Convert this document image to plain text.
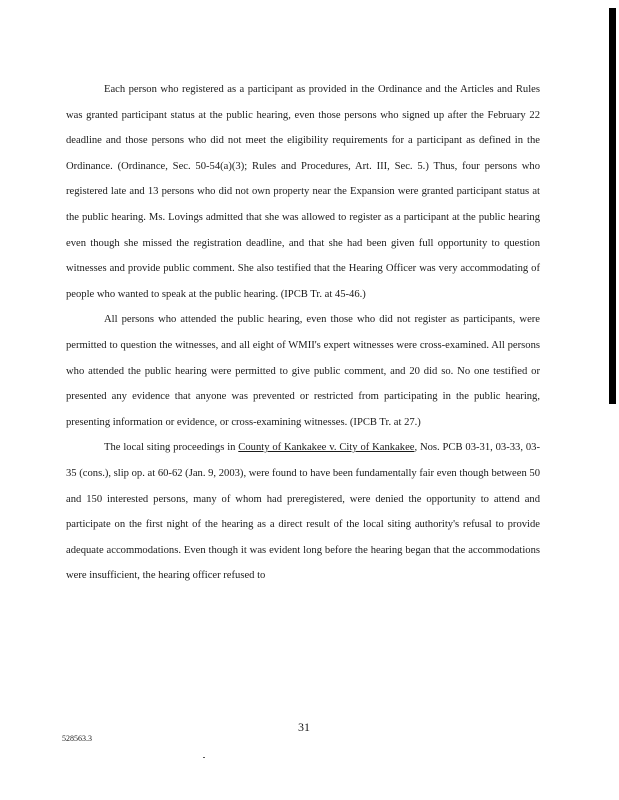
Each person who registered as a participant as provided in the Ordinance and the Articles and Rules was granted participant status at the public hearing, even those persons who signed up after the February 22 deadline and those persons who did not meet the eligibility requirements for a participant as defined in the Ordinance. (Ordinance, Sec. 50-54(a)(3); Rules and Procedures, Art. III, Sec. 5.) Thus, four persons who registered late and 13 persons who did not own property near the Expansion were granted participant status at the public hearing. Ms. Lovings admitted that she was allowed to register as a participant at the public hearing even though she missed the registration deadline, and that she had been given full opportunity to question witnesses and provide public comment. She also testified that the Hearing Officer was very accommodating of people who wanted to speak at the public hearing. (IPCB Tr. at 45-46.)

All persons who attended the public hearing, even those who did not register as participants, were permitted to question the witnesses, and all eight of WMII's expert witnesses were cross-examined. All persons who attended the public hearing were permitted to give public comment, and 20 did so. No one testified or presented any evidence that anyone was prevented or restricted from participating in the public hearing, presenting information or evidence, or cross-examining witnesses. (IPCB Tr. at 27.)

The local siting proceedings in County of Kankakee v. City of Kankakee, Nos. PCB 03-31, 03-33, 03-35 (cons.), slip op. at 60-62 (Jan. 9, 2003), were found to have been fundamentally fair even though between 50 and 150 interested persons, many of whom had preregistered, were denied the opportunity to attend and participate on the first night of the hearing as a direct result of the local siting authority's refusal to provide adequate accommodations. Even though it was evident long before the hearing began that the accommodations were insufficient, the hearing officer refused to

528563.3
31
